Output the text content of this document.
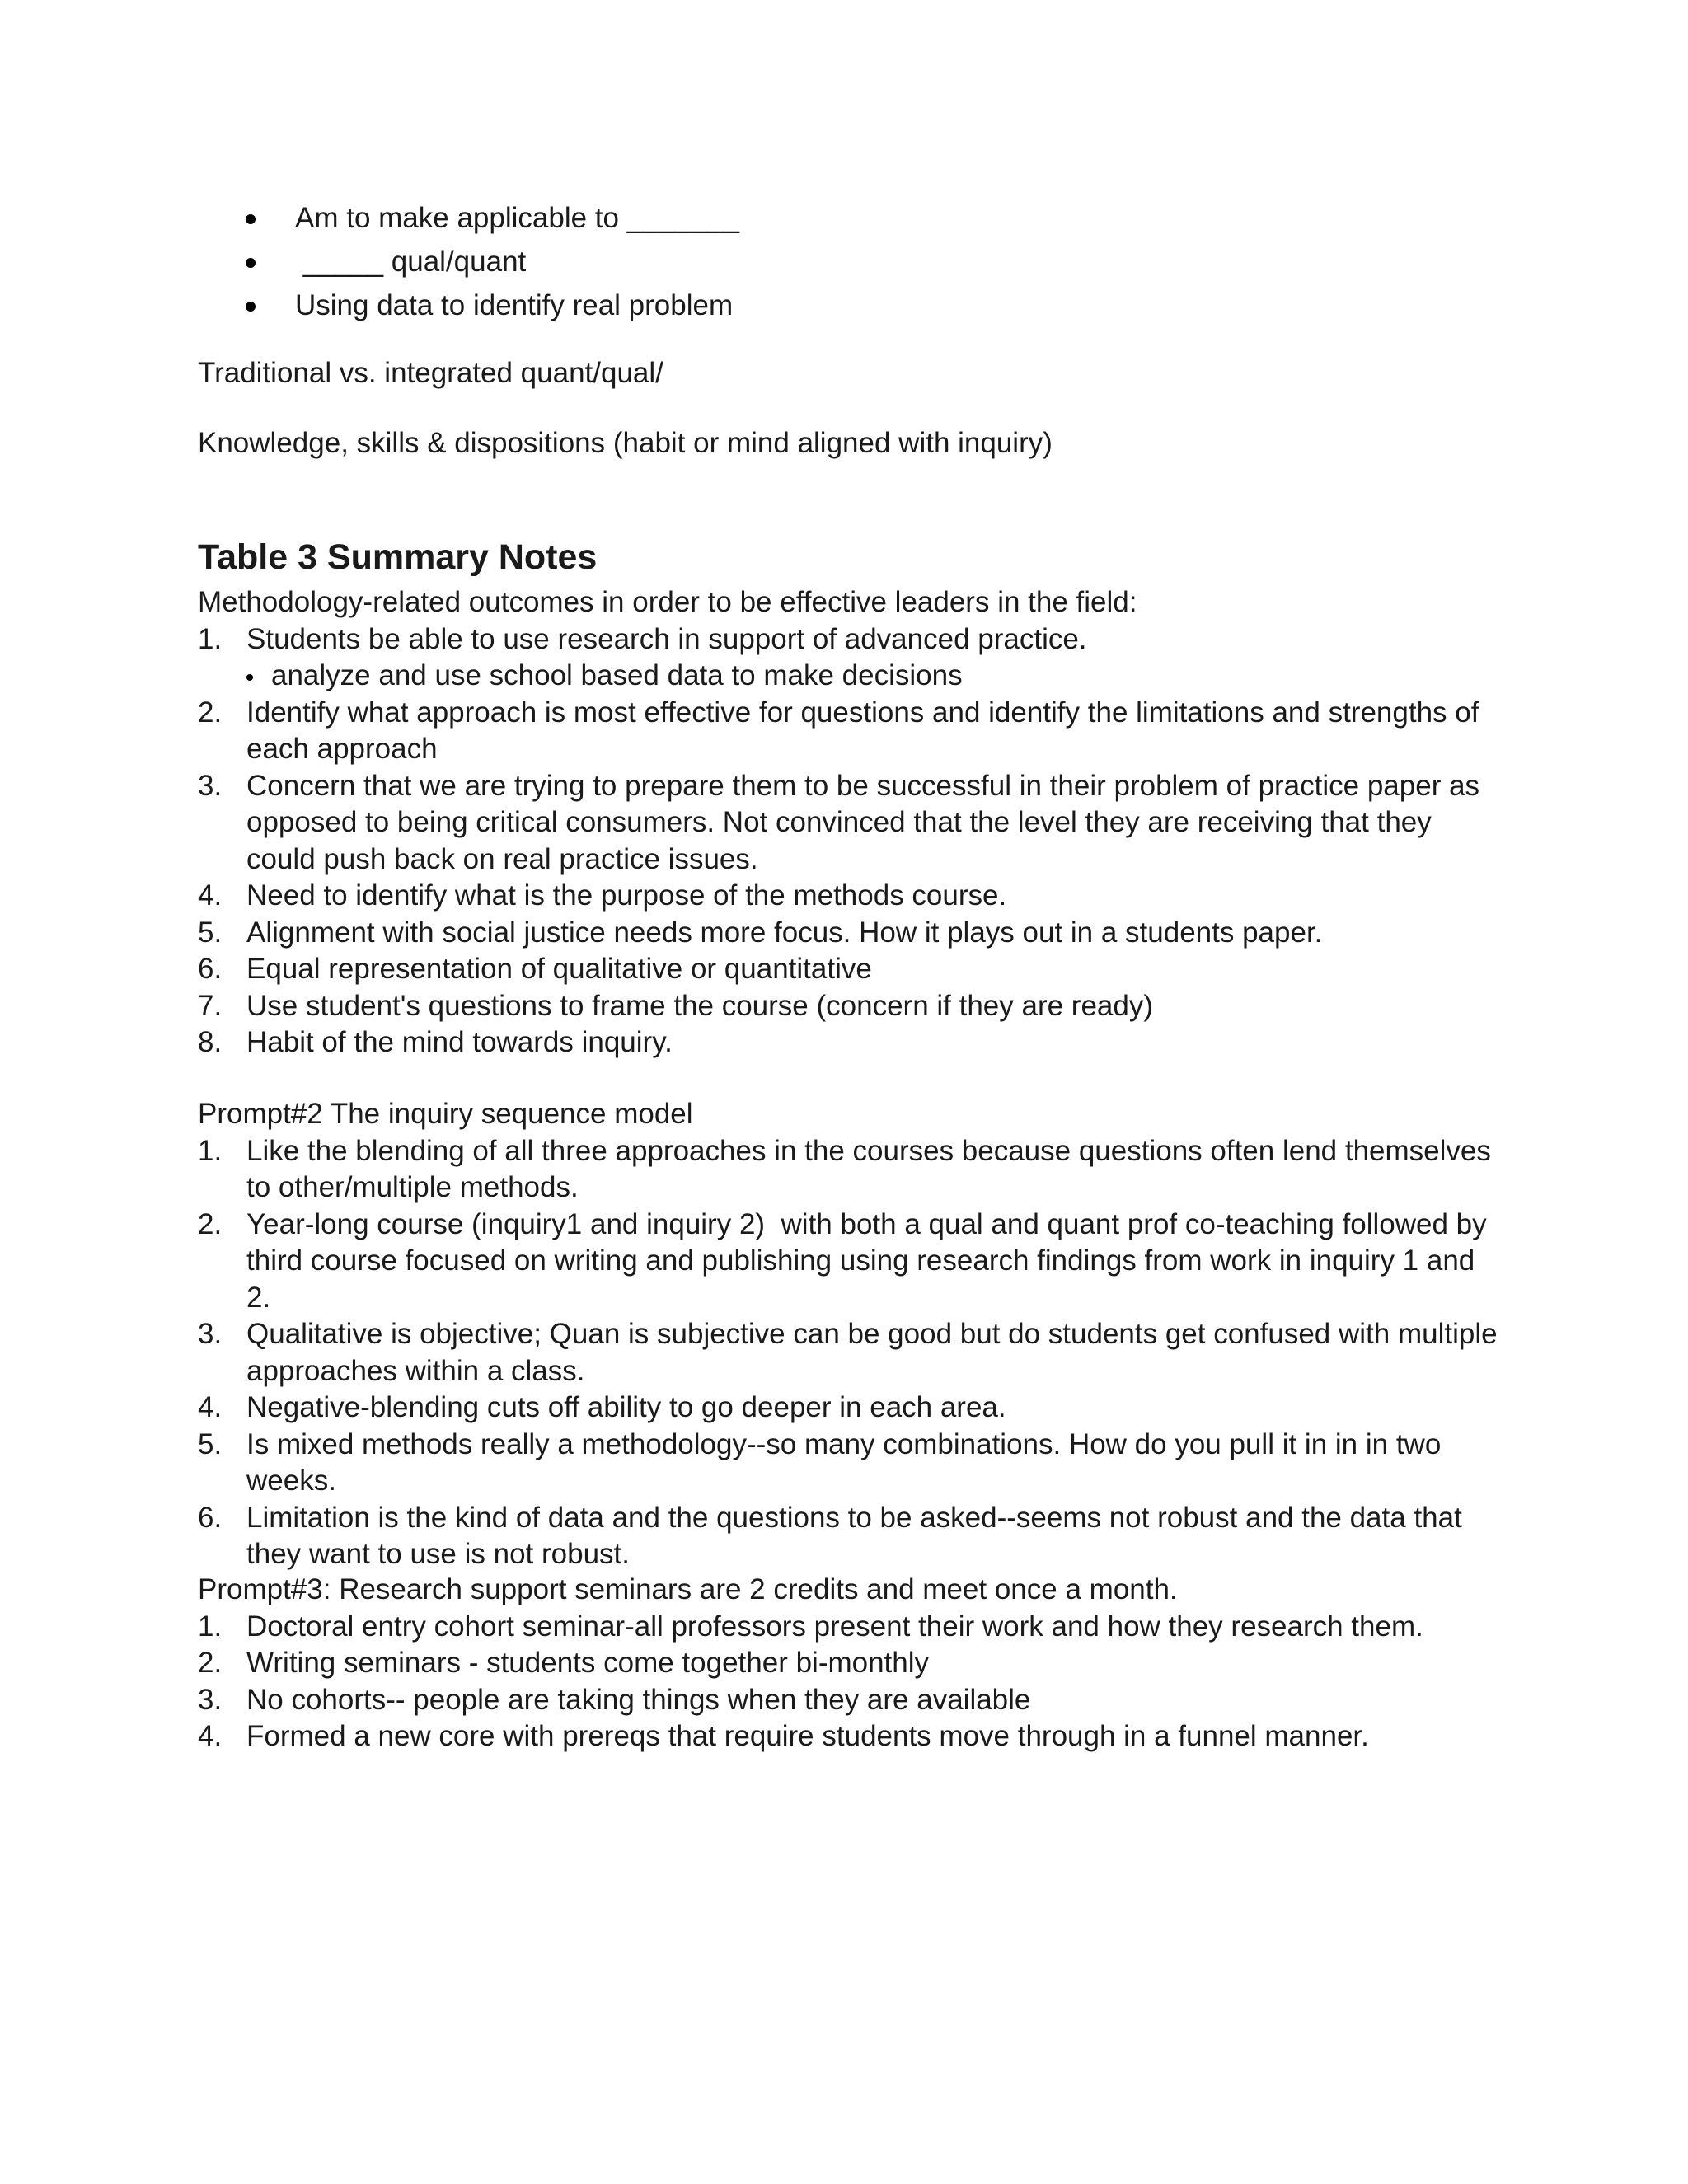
Am to make applicable to _______
_____ qual/quant
Using data to identify real problem
Traditional vs. integrated quant/qual/
Knowledge, skills & dispositions (habit or mind aligned with inquiry)
Table 3 Summary Notes
Methodology-related outcomes in order to be effective leaders in the field:
1. Students be able to use research in support of advanced practice.
analyze and use school based data to make decisions
2. Identify what approach is most effective for questions and identify the limitations and strengths of each approach
3. Concern that we are trying to prepare them to be successful in their problem of practice paper as opposed to being critical consumers. Not convinced that the level they are receiving that they could push back on real practice issues.
4. Need to identify what is the purpose of the methods course.
5. Alignment with social justice needs more focus. How it plays out in a students paper.
6. Equal representation of qualitative or quantitative
7. Use student's questions to frame the course (concern if they are ready)
8. Habit of the mind towards inquiry.
Prompt#2 The inquiry sequence model
1. Like the blending of all three approaches in the courses because questions often lend themselves to other/multiple methods.
2. Year-long course (inquiry1 and inquiry 2)  with both a qual and quant prof co-teaching followed by third course focused on writing and publishing using research findings from work in inquiry 1 and 2.
3. Qualitative is objective; Quan is subjective can be good but do students get confused with multiple approaches within a class.
4. Negative-blending cuts off ability to go deeper in each area.
5. Is mixed methods really a methodology--so many combinations. How do you pull it in in in two weeks.
6. Limitation is the kind of data and the questions to be asked--seems not robust and the data that they want to use is not robust.
Prompt#3: Research support seminars are 2 credits and meet once a month.
1. Doctoral entry cohort seminar-all professors present their work and how they research them.
2. Writing seminars - students come together bi-monthly
3. No cohorts-- people are taking things when they are available
4. Formed a new core with prereqs that require students move through in a funnel manner.
